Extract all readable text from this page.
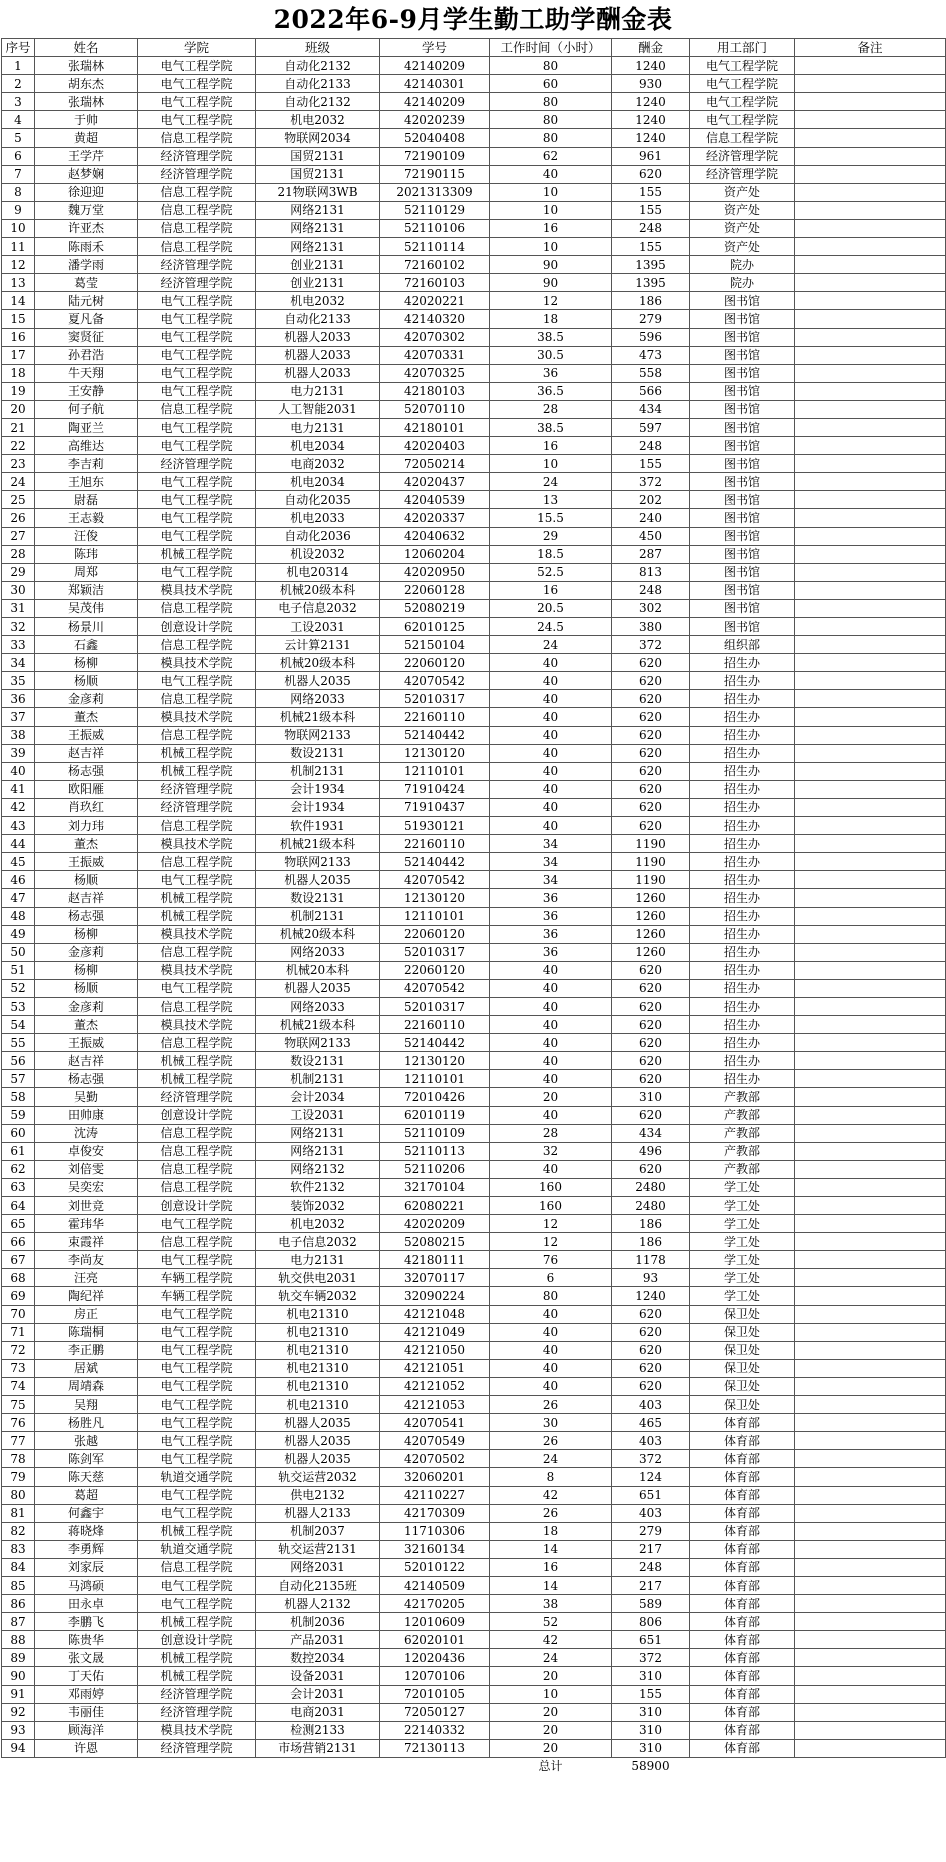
2022年6-9月学生勤工助学酬金表
序号	姓名	学院	班级	学号	工作时间（小时）	酬金	用工部门	备注
1	张瑞林	电气工程学院	自动化2132	42140209	80	1240	电气工程学院	
2	胡东杰	电气工程学院	自动化2133	42140301	60	930	电气工程学院	
3	张瑞林	电气工程学院	自动化2132	42140209	80	1240	电气工程学院	
4	于帅	电气工程学院	机电2032	42020239	80	1240	电气工程学院	
5	黄超	信息工程学院	物联网2034	52040408	80	1240	信息工程学院	
6	王学芹	经济管理学院	国贸2131	72190109	62	961	经济管理学院	
7	赵梦娴	经济管理学院	国贸2131	72190115	40	620	经济管理学院	
8	徐迎迎	信息工程学院	21物联网3WB	2021313309	10	155	资产处	
9	魏万堂	信息工程学院	网络2131	52110129	10	155	资产处	
10	许亚杰	信息工程学院	网络2131	52110106	16	248	资产处	
11	陈雨禾	信息工程学院	网络2131	52110114	10	155	资产处	
12	潘学雨	经济管理学院	创业2131	72160102	90	1395	院办	
13	葛莹	经济管理学院	创业2131	72160103	90	1395	院办	
14	陆元树	电气工程学院	机电2032	42020221	12	186	图书馆	
15	夏凡备	电气工程学院	自动化2133	42140320	18	279	图书馆	
16	窦贤征	电气工程学院	机器人2033	42070302	38.5	596	图书馆	
17	孙君浩	电气工程学院	机器人2033	42070331	30.5	473	图书馆	
18	牛天翔	电气工程学院	机器人2033	42070325	36	558	图书馆	
19	王安静	电气工程学院	电力2131	42180103	36.5	566	图书馆	
20	何子航	信息工程学院	人工智能2031	52070110	28	434	图书馆	
21	陶亚兰	电气工程学院	电力2131	42180101	38.5	597	图书馆	
22	高维达	电气工程学院	机电2034	42020403	16	248	图书馆	
23	李吉莉	经济管理学院	电商2032	72050214	10	155	图书馆	
24	王旭东	电气工程学院	机电2034	42020437	24	372	图书馆	
25	尉磊	电气工程学院	自动化2035	42040539	13	202	图书馆	
26	王志毅	电气工程学院	机电2033	42020337	15.5	240	图书馆	
27	汪俊	电气工程学院	自动化2036	42040632	29	450	图书馆	
28	陈玮	机械工程学院	机设2032	12060204	18.5	287	图书馆	
29	周郑	电气工程学院	机电20314	42020950	52.5	813	图书馆	
30	郑颖洁	模具技术学院	机械20级本科	22060128	16	248	图书馆	
31	吴茂伟	信息工程学院	电子信息2032	52080219	20.5	302	图书馆	
32	杨景川	创意设计学院	工设2031	62010125	24.5	380	图书馆	
33	石鑫	信息工程学院	云计算2131	52150104	24	372	组织部	
34	杨柳	模具技术学院	机械20级本科	22060120	40	620	招生办	
35	杨顺	电气工程学院	机器人2035	42070542	40	620	招生办	
36	金彦莉	信息工程学院	网络2033	52010317	40	620	招生办	
37	董杰	模具技术学院	机械21级本科	22160110	40	620	招生办	
38	王振威	信息工程学院	物联网2133	52140442	40	620	招生办	
39	赵吉祥	机械工程学院	数设2131	12130120	40	620	招生办	
40	杨志强	机械工程学院	机制2131	12110101	40	620	招生办	
41	欧阳雁	经济管理学院	会计1934	71910424	40	620	招生办	
42	肖玖红	经济管理学院	会计1934	71910437	40	620	招生办	
43	刘力玮	信息工程学院	软件1931	51930121	40	620	招生办	
44	董杰	模具技术学院	机械21级本科	22160110	34	1190	招生办	
45	王振威	信息工程学院	物联网2133	52140442	34	1190	招生办	
46	杨顺	电气工程学院	机器人2035	42070542	34	1190	招生办	
47	赵吉祥	机械工程学院	数设2131	12130120	36	1260	招生办	
48	杨志强	机械工程学院	机制2131	12110101	36	1260	招生办	
49	杨柳	模具技术学院	机械20级本科	22060120	36	1260	招生办	
50	金彦莉	信息工程学院	网络2033	52010317	36	1260	招生办	
51	杨柳	模具技术学院	机械20本科	22060120	40	620	招生办	
52	杨顺	电气工程学院	机器人2035	42070542	40	620	招生办	
53	金彦莉	信息工程学院	网络2033	52010317	40	620	招生办	
54	董杰	模具技术学院	机械21级本科	22160110	40	620	招生办	
55	王振威	信息工程学院	物联网2133	52140442	40	620	招生办	
56	赵吉祥	机械工程学院	数设2131	12130120	40	620	招生办	
57	杨志强	机械工程学院	机制2131	12110101	40	620	招生办	
58	吴勤	经济管理学院	会计2034	72010426	20	310	产教部	
59	田帅康	创意设计学院	工设2031	62010119	40	620	产教部	
60	沈涛	信息工程学院	网络2131	52110109	28	434	产教部	
61	卓俊安	信息工程学院	网络2131	52110113	32	496	产教部	
62	刘倍雯	信息工程学院	网络2132	52110206	40	620	产教部	
63	吴奕宏	信息工程学院	软件2132	32170104	160	2480	学工处	
64	刘世竞	创意设计学院	装饰2032	62080221	160	2480	学工处	
65	霍玮华	电气工程学院	机电2032	42020209	12	186	学工处	
66	束霞祥	信息工程学院	电子信息2032	52080215	12	186	学工处	
67	李尚友	电气工程学院	电力2131	42180111	76	1178	学工处	
68	汪亮	车辆工程学院	轨交供电2031	32070117	6	93	学工处	
69	陶纪祥	车辆工程学院	轨交车辆2032	32090224	80	1240	学工处	
70	房正	电气工程学院	机电21310	42121048	40	620	保卫处	
71	陈瑞桐	电气工程学院	机电21310	42121049	40	620	保卫处	
72	李正鹏	电气工程学院	机电21310	42121050	40	620	保卫处	
73	居斌	电气工程学院	机电21310	42121051	40	620	保卫处	
74	周靖森	电气工程学院	机电21310	42121052	40	620	保卫处	
75	吴翔	电气工程学院	机电21310	42121053	26	403	保卫处	
76	杨胜凡	电气工程学院	机器人2035	42070541	30	465	体育部	
77	张越	电气工程学院	机器人2035	42070549	26	403	体育部	
78	陈剑军	电气工程学院	机器人2035	42070502	24	372	体育部	
79	陈天慈	轨道交通学院	轨交运营2032	32060201	8	124	体育部	
80	葛超	电气工程学院	供电2132	42110227	42	651	体育部	
81	何鑫宇	电气工程学院	机器人2133	42170309	26	403	体育部	
82	蒋晓烽	机械工程学院	机制2037	11710306	18	279	体育部	
83	李勇辉	轨道交通学院	轨交运营2131	32160134	14	217	体育部	
84	刘家辰	信息工程学院	网络2031	52010122	16	248	体育部	
85	马鸿硕	电气工程学院	自动化2135班	42140509	14	217	体育部	
86	田永卓	电气工程学院	机器人2132	42170205	38	589	体育部	
87	李鹏飞	机械工程学院	机制2036	12010609	52	806	体育部	
88	陈贵华	创意设计学院	产品2031	62020101	42	651	体育部	
89	张文晟	机械工程学院	数控2034	12020436	24	372	体育部	
90	丁天佑	机械工程学院	设备2031	12070106	20	310	体育部	
91	邓雨婷	经济管理学院	会计2031	72010105	10	155	体育部	
92	韦丽佳	经济管理学院	电商2031	72050127	20	310	体育部	
93	顾海洋	模具技术学院	检测2133	22140332	20	310	体育部	
94	许恩	经济管理学院	市场营销2131	72130113	20	310	体育部	
					总计	58900		
